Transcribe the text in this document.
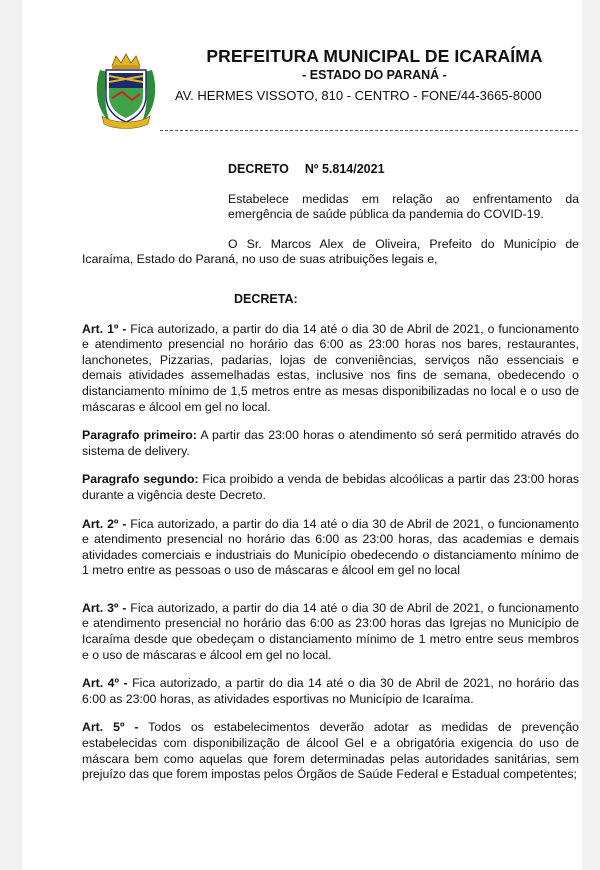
PREFEITURA MUNICIPAL DE ICARAÍMA
- ESTADO DO PARANÁ -
AV. HERMES VISSOTO, 810 - CENTRO - FONE/44-3665-8000
DECRETO Nº 5.814/2021
Estabelece medidas em relação ao enfrentamento da emergência de saúde pública da pandemia do COVID-19.
O Sr. Marcos Alex de Oliveira, Prefeito do Município de Icaraíma, Estado do Paraná, no uso de suas atribuições legais e,
DECRETA:
Art. 1º - Fica autorizado, a partir do dia 14 até o dia 30 de Abril de 2021, o funcionamento e atendimento presencial no horário das 6:00 as 23:00 horas nos bares, restaurantes, lanchonetes, Pizzarias, padarias, lojas de conveniências, serviços não essenciais e demais atividades assemelhadas estas, inclusive nos fins de semana, obedecendo o distanciamento mínimo de 1,5 metros entre as mesas disponibilizadas no local e o uso de máscaras e álcool em gel no local.
Paragrafo primeiro: A partir das 23:00 horas o atendimento só será permitido através do sistema de delivery.
Paragrafo segundo: Fica proibido a venda de bebidas alcoólicas a partir das 23:00 horas durante a vigência deste Decreto.
Art. 2º - Fica autorizado, a partir do dia 14 até o dia 30 de Abril de 2021, o funcionamento e atendimento presencial no horário das 6:00 as 23:00 horas, das academias e demais atividades comerciais e industriais do Município obedecendo o distanciamento mínimo de 1 metro entre as pessoas o uso de máscaras e álcool em gel no local
Art. 3º - Fica autorizado, a partir do dia 14 até o dia 30 de Abril de 2021, o funcionamento e atendimento presencial no horário das 6:00 as 23:00 horas das Igrejas no Município de Icaraíma desde que obedeçam o distanciamento mínimo de 1 metro entre seus membros e o uso de máscaras e álcool em gel no local.
Art. 4º - Fica autorizado, a partir do dia 14 até o dia 30 de Abril de 2021, no horário das 6:00 as 23:00 horas, as atividades esportivas no Município de Icaraíma.
Art. 5º - Todos os estabelecimentos deverão adotar as medidas de prevenção estabelecidas com disponibilização de álcool Gel e a obrigatória exigencia do uso de máscara bem como aquelas que forem determinadas pelas autoridades sanitárias, sem prejuízo das que forem impostas pelos Órgãos de Saúde Federal e Estadual competentes;
